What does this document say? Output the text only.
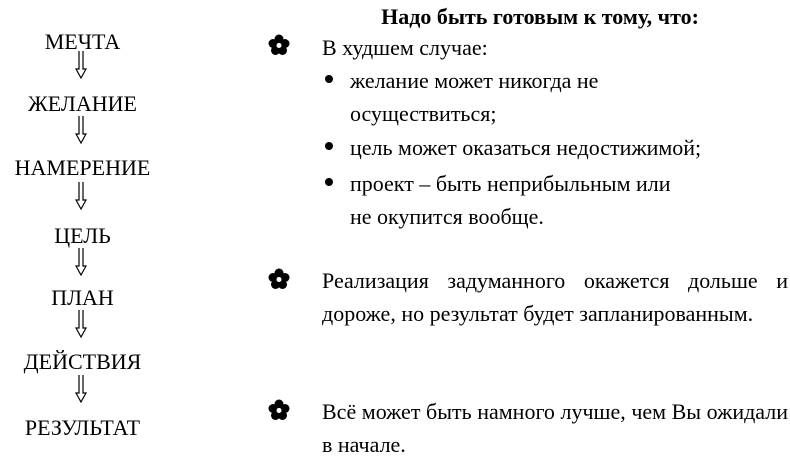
МЕЧТА
ЖЕЛАНИЕ
НАМЕРЕНИЕ
ЦЕЛЬ
ПЛАН
ДЕЙСТВИЯ
РЕЗУЛЬТАТ
Надо быть готовым к тому, что:
В худшем случае:
желание может никогда не осуществиться;
цель может оказаться недостижимой;
проект – быть неприбыльным или не окупится вообще.
Реализация задуманного окажется дольше и дороже, но результат будет запланированным.
Всё может быть намного лучше, чем Вы ожидали в начале.
